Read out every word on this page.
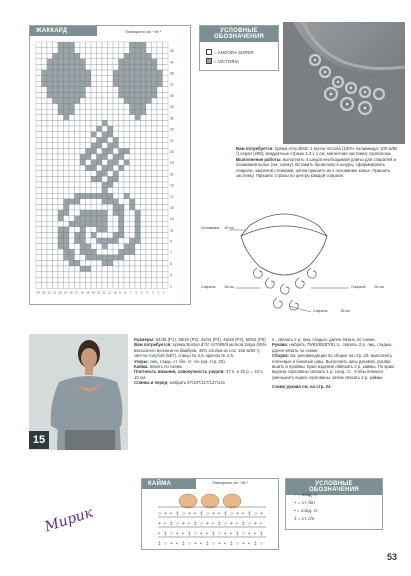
ЖАККАРД	Повторить от * до *
1
3
5
7
9
11
13
15
17
19
21
23
25
27
29
31
33
35
37
39
41
43
24 23 22 21 20 19 18 17 16 15 14 13 12 11 10 9 8 7 6 5 4 3 2 1
УСЛОВНЫЕ ОБОЗНАЧЕНИЯ
= ANGORA SUPER
= VICTORIA
Вам потребуется: пряжа Arny Blatz: 1 моток Victoria (100% полиамида; 100 м/50 г) серая (208); квадратные стразы 1,3 x 1 см, магнитная застежка; проволока.
Выполнение работы: выполнить 4 шнура необходимой длины для спиралей и основания колье (см. схему). Вставить проволоку в шнуры, сформировать спирали, закрепив стежками, затем пришить их к основанию колье. Пришить застежку. Пришить стразы по центру каждой спирали.
Основание 40 см
Спираль	54 см	Спираль	54 см
Спираль	35 см
15
Размеры: 34/36 (P1), 38/40 (P2), 42/44 (P3), 46/48 (P4), 50/52 (P5)
Вам потребуется: пряжа Boston d'Or: 6/7/8/8/9 мотков Satya (55% вискозного волокна из бамбука, 45% хлопка из сох. 156 м/50 г) светло-голубой (567), спицы № 3,5, крючок № 2,5.
Узоры: лиц. гладь, ст. б/н, ст. с/н (см. стр. 20).
Кайма: вязать по схеме.
Плотность вязания, совокупность узоров: 27 п. и 32 р. = 10 x 10 см.
Спинка и перед: набрать 97/107/117/127/141
п., связать 2 р. лиц. гладью; далее вязать по схеме.
Рукава: набрать 79/81/83/87/91 п., связать 2 р. лиц. гладью, далее вязать по схеме.
Сборка: см. рекомендации по сборке на стр. 20; выполнить плечевые и боковые швы. Выполнить швы рукавов, рукава вшить в проймы. Края изделия обвязать 2 р. каймы. По краю выреза горловины связать 1 р. соед. ст., чтобы немного уменьшить вырез горловины, затем связать 2 р. каймы.
Схему рукава см. на стр. 24
КАЙМА	Повторить от * до *
○ + • ‡ ○ + • ‡ ○ + • ‡ ○ + • ‡ ○ +
+ • ‡ ○ + • ‡ ○ + • ‡ ○ + • ‡ ○ + •
• ‡ ○ + • ‡ ○ + • ‡ ○ + • ‡ ○ + • ‡
‡ ○ + • ‡ ○ + • ‡ ○ + • ‡ ○ + • ‡ ○
УСЛОВНЫЕ ОБОЗНАЧЕНИЯ
○ = возд. п.
+ = ст. б/н
• = соед. ст.
‡ = ст. с/н
Мирик
53
